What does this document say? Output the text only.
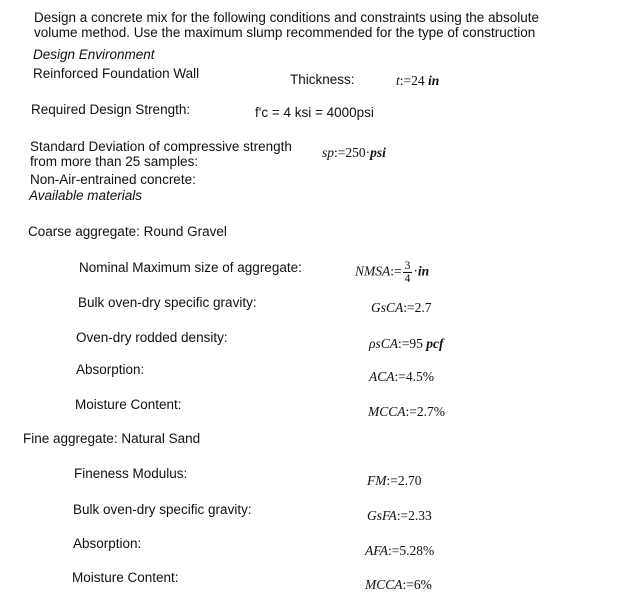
Design a concrete mix for the following conditions and constraints using the absolute
volume method. Use the maximum slump recommended for the type of construction
Design Environment
Reinforced Foundation Wall	Thickness:	t:=24 in
Required Design Strength:	f'c = 4 ksi = 4000psi
Standard Deviation of compressive strength
from more than 25 samples:
sp:=250·psi
Non-Air-entrained concrete:
Available materials
Coarse aggregate: Round Gravel
Nominal Maximum size of aggregate:	NMSA:= $\frac{3}{4} \cdot in$
Bulk oven-dry specific gravity:	GsCA:=2.7
Oven-dry rodded density:	ρsCA:=95 pcf
Absorption:	ACA:=4.5%
Moisture Content:	MCCA:=2.7%
Fine aggregate: Natural Sand
Fineness Modulus:	FM:=2.70
Bulk oven-dry specific gravity:	GsFA:=2.33
Absorption:	AFA:=5.28%
Moisture Content:	MCCA:=6%
